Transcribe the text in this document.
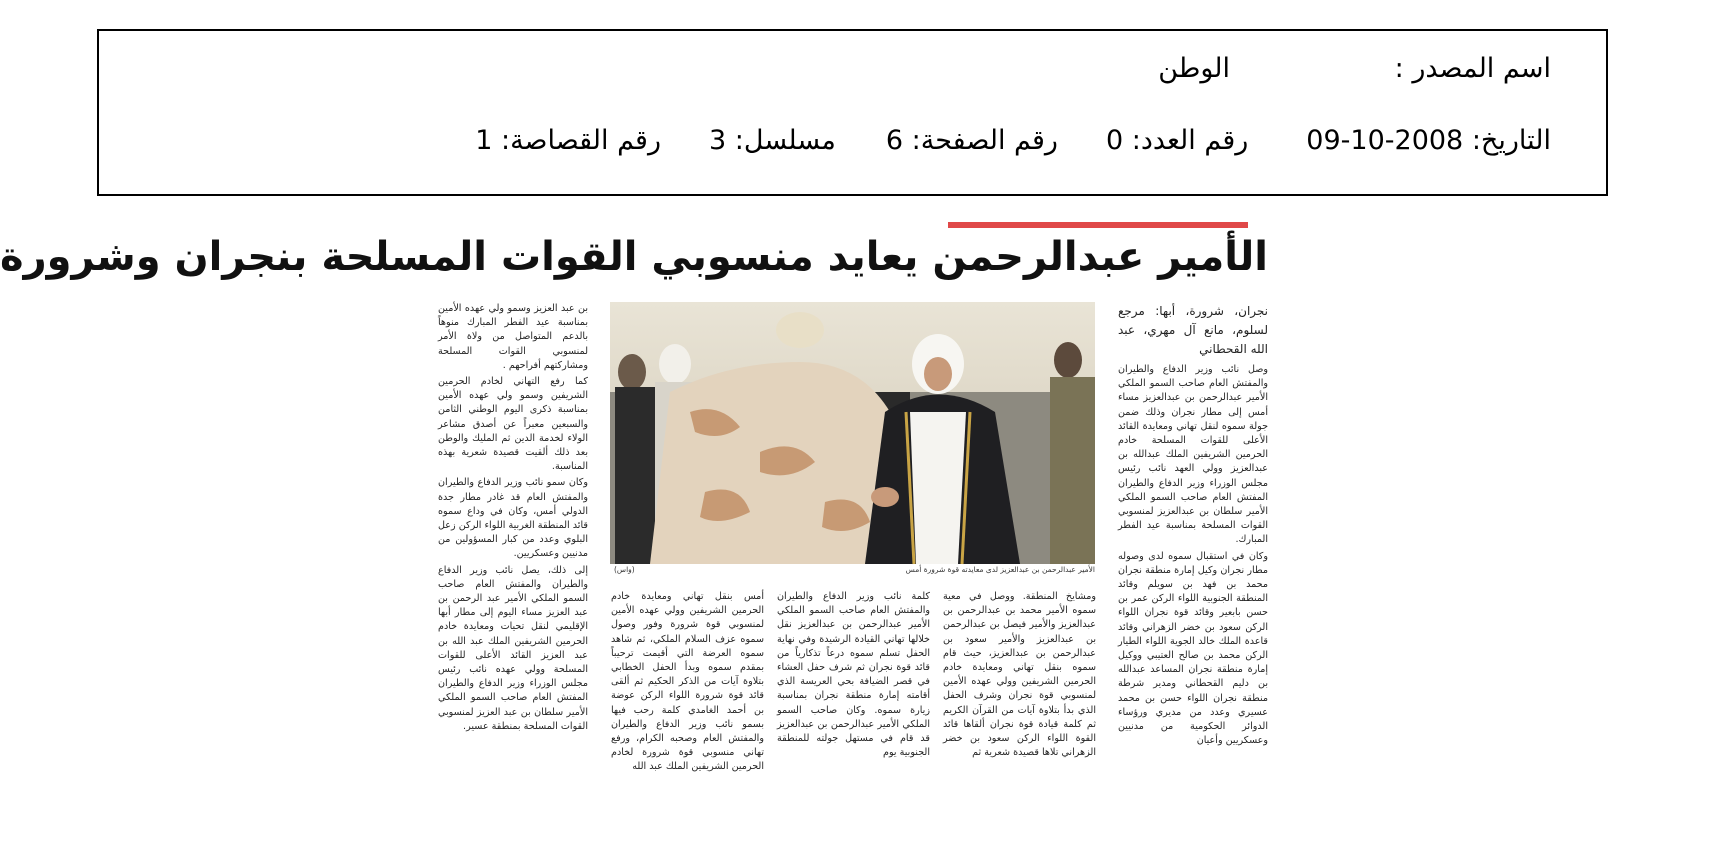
اسم المصدر :
الوطن
التاريخ: 2008-10-09
رقم العدد: 0
رقم الصفحة: 6
مسلسل: 3
رقم القصاصة: 1
الأمير عبدالرحمن يعايد منسوبي القوات المسلحة بنجران وشرورة
نجران، شرورة، أبها: مرجع لسلوم، مانع آل مهري، عبد الله القحطاني

وصل نائب وزير الدفاع والطيران والمفتش العام صاحب السمو الملكي الأمير عبدالرحمن بن عبدالعزيز مساء أمس إلى مطار نجران وذلك ضمن جولة سموه لنقل تهاني ومعايدة القائد الأعلى للقوات المسلحة خادم الحرمين الشريفين الملك عبدالله بن عبدالعزيز وولي العهد نائب رئيس مجلس الوزراء وزير الدفاع والطيران المفتش العام صاحب السمو الملكي الأمير سلطان بن عبدالعزيز لمنسوبي القوات المسلحة بمناسبة عيد الفطر المبارك.

وكان في استقبال سموه لدى وصوله مطار نجران وكيل إمارة منطقة نجران محمد بن فهد بن سويلم وقائد المنطقة الجنوبية اللواء الركن عمر بن حسن بابعير وقائد قوة نجران اللواء الركن سعود بن خضر الزهراني وقائد قاعدة الملك خالد الجوية اللواء الطيار الركن محمد بن صالح العتيبي ووكيل إمارة منطقة نجران المساعد عبدالله بن دليم القحطاني ومدير شرطة منطقة نجران اللواء حسن بن محمد عسيري وعدد من مديري ورؤساء الدوائر الحكومية من مدنيين وعسكريين وأعيان

بن عبد العزيز وسمو ولي عهده الأمين بمناسبة عيد الفطر المبارك منوهاً بالدعم المتواصل من ولاة الأمر لمنسوبي القوات المسلحة ومشاركتهم أفراحهم .

كما رفع التهاني لخادم الحرمين الشريفين وسمو ولي عهده الأمين بمناسبة ذكرى اليوم الوطني الثامن والسبعين معبراً عن أصدق مشاعر الولاء لخدمة الدين ثم المليك والوطن بعد ذلك ألقيت قصيدة شعرية بهذه المناسبة.

وكان سمو نائب وزير الدفاع والطيران والمفتش العام قد غادر مطار جدة الدولي أمس، وكان في وداع سموه قائد المنطقة الغربية اللواء الركن زعل البلوي وعدد من كبار المسؤولين من مدنيين وعسكريين.

إلى ذلك، يصل نائب وزير الدفاع والطيران والمفتش العام صاحب السمو الملكي الأمير عبد الرحمن بن عبد العزيز مساء اليوم إلى مطار أبها الإقليمي لنقل تحيات ومعايدة خادم الحرمين الشريفين الملك عبد الله بن عبد العزيز القائد الأعلى للقوات المسلحة وولي عهده نائب رئيس مجلس الوزراء وزير الدفاع والطيران المفتش العام صاحب السمو الملكي الأمير سلطان بن عبد العزيز لمنسوبي القوات المسلحة بمنطقة عسير.

الأمير عبدالرحمن بن عبدالعزيز لدى معايدته قوة شرورة أمس
(واس)

ومشايخ المنطقة. ووصل في معية سموه الأمير محمد بن عبدالرحمن بن عبدالعزيز والأمير فيصل بن عبدالرحمن بن عبدالعزيز والأمير سعود بن عبدالرحمن بن عبدالعزيز، حيث قام سموه بنقل تهاني ومعايدة خادم الحرمين الشريفين وولي عهده الأمين لمنسوبي قوة نجران وشرف الحفل الذي بدأ بتلاوة آيات من القرآن الكريم ثم كلمة قيادة قوة نجران ألقاها قائد القوة اللواء الركن سعود بن خضر الزهراني تلاها قصيدة شعرية ثم

كلمة نائب وزير الدفاع والطيران والمفتش العام صاحب السمو الملكي الأمير عبدالرحمن بن عبدالعزيز نقل خلالها تهاني القيادة الرشيدة وفي نهاية الحفل تسلم سموه درعاً تذكارياً من قائد قوة نجران ثم شرف حفل العشاء في قصر الضيافة بحي العريسة الذي أقامته إمارة منطقة نجران بمناسبة زيارة سموه. وكان صاحب السمو الملكي الأمير عبدالرحمن بن عبدالعزيز قد قام في مستهل جولته للمنطقة الجنوبية يوم

أمس بنقل تهاني ومعايدة خادم الحرمين الشريفين وولي عهده الأمين لمنسوبي قوة شرورة وفور وصول سموه عزف السلام الملكي، ثم شاهد سموه العرضة التي أقيمت ترحيباً بمقدم سموه وبدأ الحفل الخطابي بتلاوة آيات من الذكر الحكيم ثم ألقى قائد قوة شرورة اللواء الركن عوضة بن أحمد الغامدي كلمة رحب فيها بسمو نائب وزير الدفاع والطيران والمفتش العام وصحبه الكرام، ورفع تهاني منسوبي قوة شرورة لخادم الحرمين الشريفين الملك عبد الله
